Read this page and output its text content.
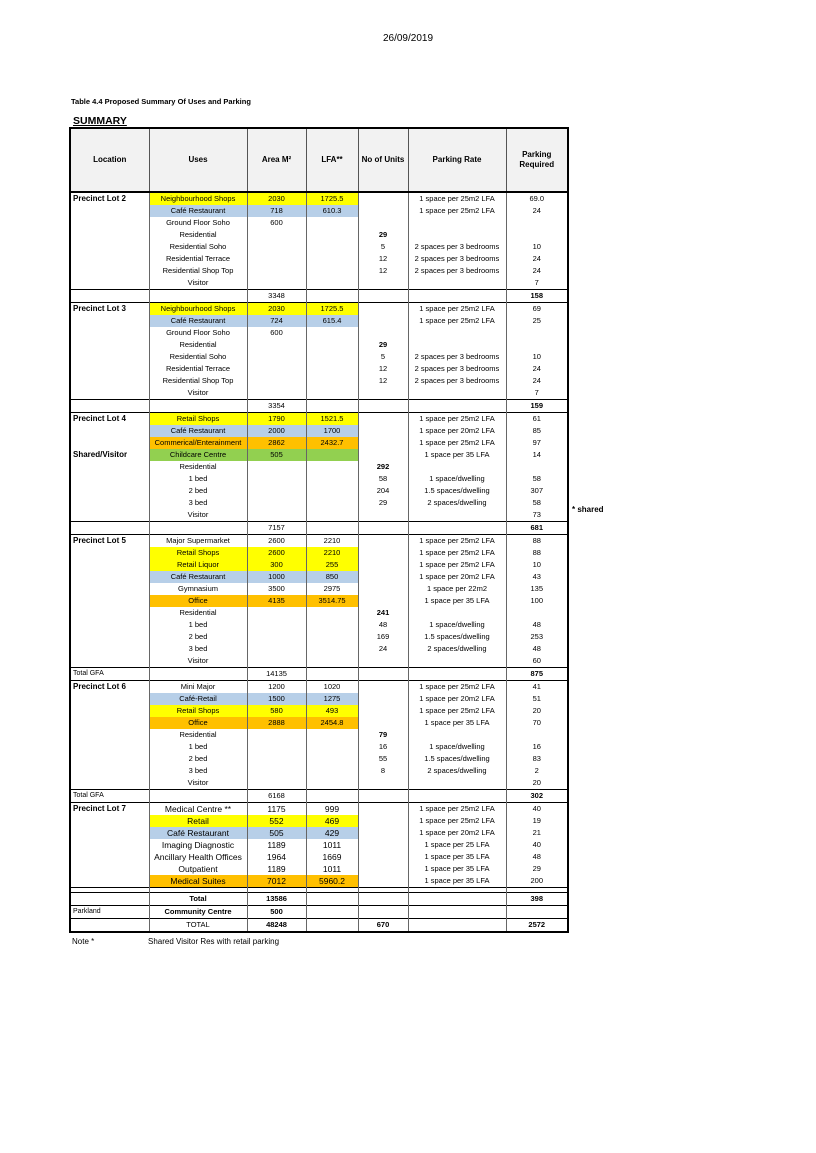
26/09/2019
Table 4.4 Proposed Summary Of Uses and Parking
SUMMARY
Location	Uses	Area M²	LFA**	No of Units	Parking Rate	Parking Required
Precinct Lot 2	Neighbourhood Shops	2030	1725.5		1 space per 25m2 LFA	69.0
	Café Restaurant	718	610.3		1 space per 25m2 LFA	24
	Ground Floor Soho	600				
	Residential			29		
	Residential Soho			5	2 spaces per 3 bedrooms	10
	Residential Terrace			12	2 spaces per 3 bedrooms	24
	Residential Shop Top			12	2 spaces per 3 bedrooms	24
	Visitor					7
		3348				158
Precinct Lot 3	Neighbourhood Shops	2030	1725.5		1 space per 25m2 LFA	69
	Café Restaurant	724	615.4		1 space per 25m2 LFA	25
	Ground Floor Soho	600				
	Residential			29		
	Residential Soho			5	2 spaces per 3 bedrooms	10
	Residential Terrace			12	2 spaces per 3 bedrooms	24
	Residential Shop Top			12	2 spaces per 3 bedrooms	24
	Visitor					7
		3354				159
Precinct Lot 4	Retail Shops	1790	1521.5		1 space per 25m2 LFA	61
	Café Restaurant	2000	1700		1 space per 20m2 LFA	85
	Commerical/Enterainment	2862	2432.7		1 space per 25m2 LFA	97
Shared/Visitor	Childcare Centre	505			1 space per 35 LFA	14
	Residential			292		
	1 bed			58	1 space/dwelling	58
	2 bed			204	1.5 spaces/dwelling	307
	3 bed			29	2 spaces/dwelling	58
	Visitor					73
		7157				681
Precinct Lot 5	Major Supermarket	2600	2210		1 space per 25m2 LFA	88
	Retail Shops	2600	2210		1 space per 25m2 LFA	88
	Retail Liquor	300	255		1 space per 25m2 LFA	10
	Café Restaurant	1000	850		1 space per 20m2 LFA	43
	Gymnasium	3500	2975		1 space per 22m2	135
	Office	4135	3514.75		1 space per 35 LFA	100
	Residential			241		
	1 bed			48	1 space/dwelling	48
	2 bed			169	1.5 spaces/dwelling	253
	3 bed			24	2 spaces/dwelling	48
	Visitor					60
Total GFA		14135				875
Precinct Lot 6	Mini Major	1200	1020		1 space per 25m2 LFA	41
	Café-Retail	1500	1275		1 space per 20m2 LFA	51
	Retail Shops	580	493		1 space per 25m2 LFA	20
	Office	2888	2454.8		1 space per 35 LFA	70
	Residential			79		
	1 bed			16	1 space/dwelling	16
	2 bed			55	1.5 spaces/dwelling	83
	3 bed			8	2 spaces/dwelling	2
	Visitor					20
Total GFA		6168				302
Precinct Lot 7	Medical Centre **	1175	999		1 space per 25m2 LFA	40
	Retail	552	469		1 space per 25m2 LFA	19
	Café Restaurant	505	429		1 space per 20m2 LFA	21
	Imaging Diagnostic	1189	1011		1 space per 25 LFA	40
	Ancillary Health Offices	1964	1669		1 space per 35 LFA	48
	Outpatient	1189	1011		1 space per 35 LFA	29
	Medical Suites	7012	5960.2		1 space per 35 LFA	200

	Total	13586				398
Parkland	Community Centre	500				
	TOTAL	48248		670		2572
* shared
Note *	Shared Visitor Res with retail parking
